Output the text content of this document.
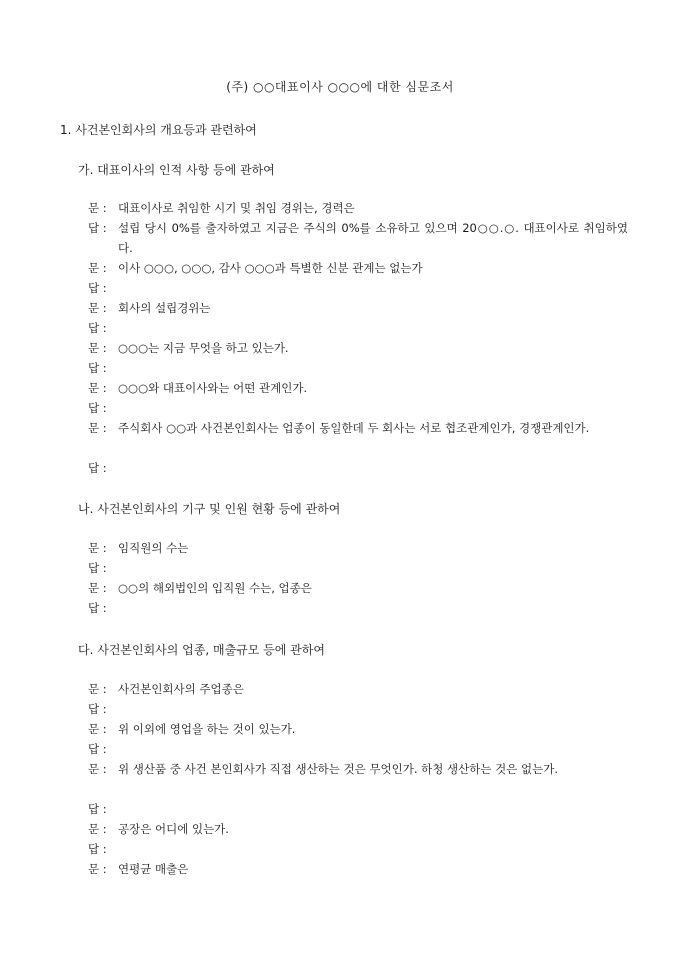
(주) ○○대표이사 ○○○에 대한 심문조서
1. 사건본인회사의 개요등과 관련하여
가. 대표이사의 인적 사항 등에 관하여
문 : 대표이사로 취임한 시기 및 취임 경위는, 경력은
답 : 설립 당시 0%를 출자하였고 지금은 주식의 0%를 소유하고 있으며 20○○.○. 대표이사로 취임하였다.
문 : 이사 ○○○, ○○○, 감사 ○○○과 특별한 신분 관계는 없는가
답 :
문 : 회사의 설립경위는
답 :
문 : ○○○는 지금 무엇을 하고 있는가.
답 :
문 : ○○○와 대표이사와는 어떤 관계인가.
답 :
문 : 주식회사 ○○과 사건본인회사는 업종이 동일한데 두 회사는 서로 협조관계인가, 경쟁관계인가.
답 :
나. 사건본인회사의 기구 및 인원 현황 등에 관하여
문 : 임직원의 수는
답 :
문 : ○○의 해외법인의 입직원 수는, 업종은
답 :
다. 사건본인회사의 업종, 매출규모 등에 관하여
문 : 사건본인회사의 주업종은
답 :
문 : 위 이외에 영업을 하는 것이 있는가.
답 :
문 : 위 생산품 중 사건 본인회사가 직접 생산하는 것은 무엇인가. 하청 생산하는 것은 없는가.
답 :
문 : 공장은 어디에 있는가.
답 :
문 : 연평균 매출은
